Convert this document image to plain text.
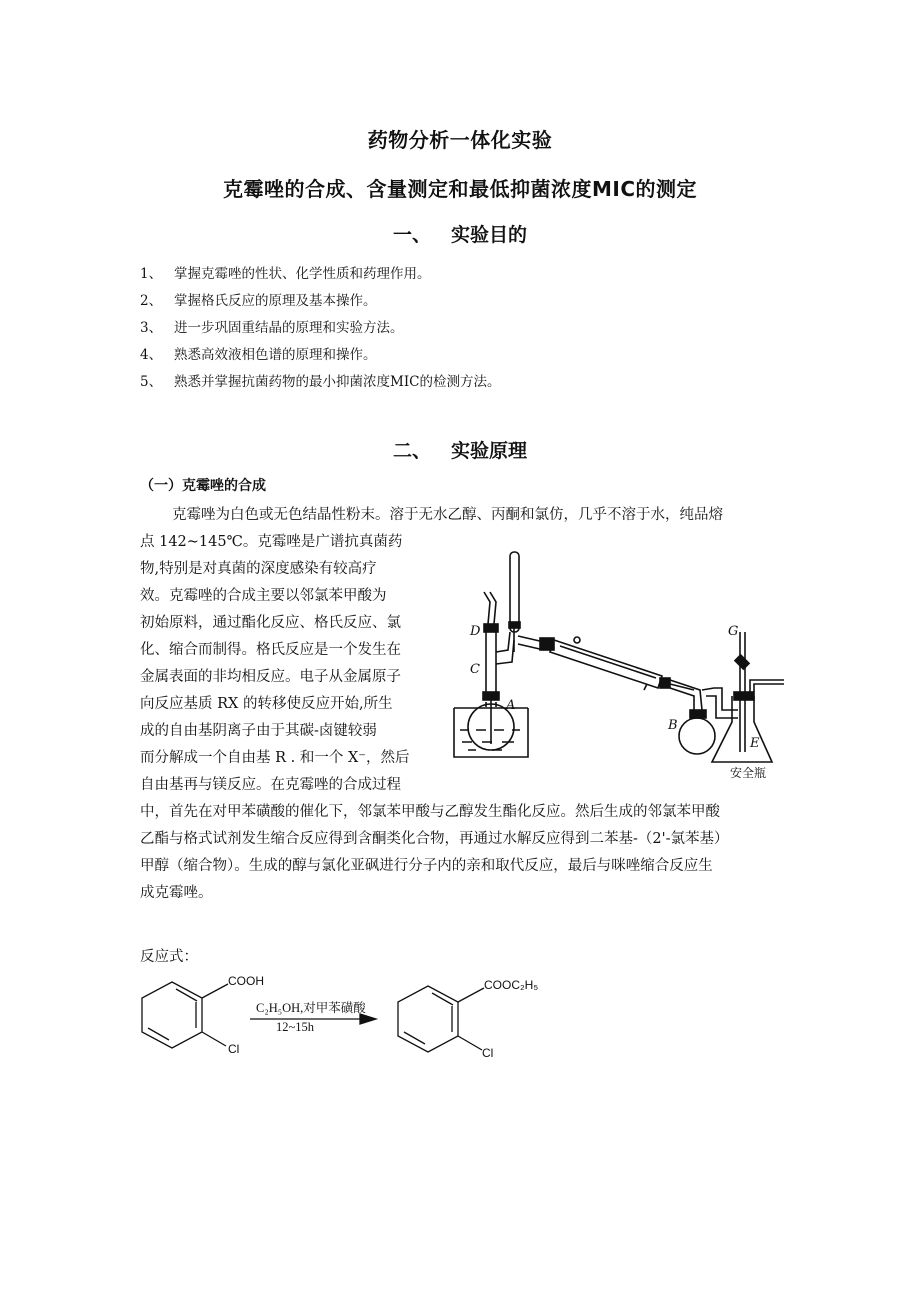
药物分析一体化实验
克霉唑的合成、含量测定和最低抑菌浓度MIC的测定
一、 实验目的
1、 掌握克霉唑的性状、化学性质和药理作用。
2、 掌握格氏反应的原理及基本操作。
3、 进一步巩固重结晶的原理和实验方法。
4、 熟悉高效液相色谱的原理和操作。
5、 熟悉并掌握抗菌药物的最小抑菌浓度MIC的检测方法。
二、 实验原理
（一）克霉唑的合成
克霉唑为白色或无色结晶性粉末。溶于无水乙醇、丙酮和氯仿，几乎不溶于水，纯品熔
点 142~145℃。克霉唑是广谱抗真菌药
物,特别是对真菌的深度感染有较高疗
效。克霉唑的合成主要以邻氯苯甲酸为
初始原料，通过酯化反应、格氏反应、氯
化、缩合而制得。格氏反应是一个发生在
金属表面的非均相反应。电子从金属原子
向反应基质 RX 的转移使反应开始,所生
成的自由基阴离子由于其碳-卤键较弱
而分解成一个自由基 R . 和一个 X⁻，然后
自由基再与镁反应。在克霉唑的合成过程
中，首先在对甲苯磺酸的催化下，邻氯苯甲酸与乙醇发生酯化反应。然后生成的邻氯苯甲酸
乙酯与格式试剂发生缩合反应得到含酮类化合物，再通过水解反应得到二苯基-（2'-氯苯基）
甲醇（缩合物）。生成的醇与氯化亚砜进行分子内的亲和取代反应，最后与咪唑缩合反应生
成克霉唑。
D
C
A
B
G
E
安全瓶
反应式：
COOH
Cl
C₂H₅OH,对甲苯磺酸
12~15h
COOC₂H₅
Cl
